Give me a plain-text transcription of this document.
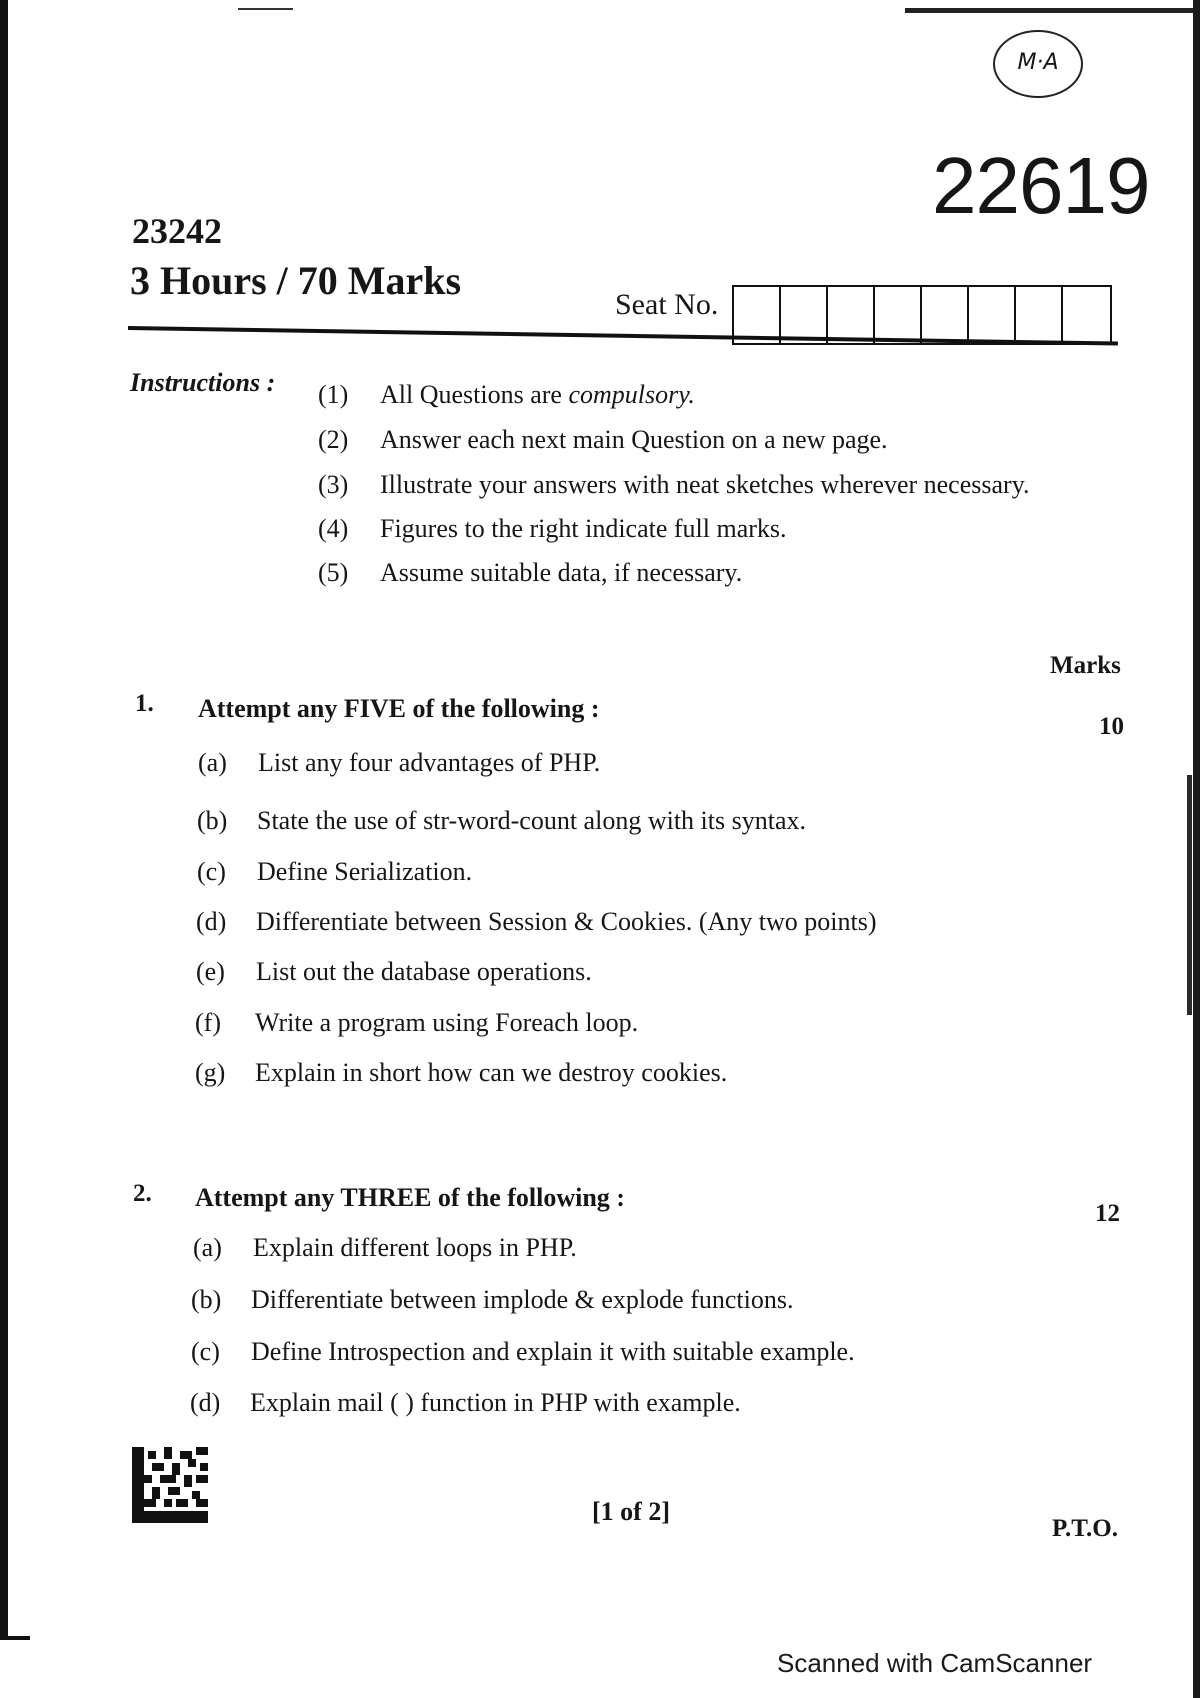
M·A
22619
23242
3 Hours / 70 Marks
Seat No.
Instructions : (1) All Questions are compulsory.
(2) Answer each next main Question on a new page.
(3) Illustrate your answers with neat sketches wherever necessary.
(4) Figures to the right indicate full marks.
(5) Assume suitable data, if necessary.
Marks
1. Attempt any FIVE of the following :
10
(a) List any four advantages of PHP.
(b) State the use of str-word-count along with its syntax.
(c) Define Serialization.
(d) Differentiate between Session & Cookies. (Any two points)
(e) List out the database operations.
(f) Write a program using Foreach loop.
(g) Explain in short how can we destroy cookies.
2. Attempt any THREE of the following :
12
(a) Explain different loops in PHP.
(b) Differentiate between implode & explode functions.
(c) Define Introspection and explain it with suitable example.
(d) Explain mail ( ) function in PHP with example.
[1 of 2]
P.T.O.
Scanned with CamScanner
